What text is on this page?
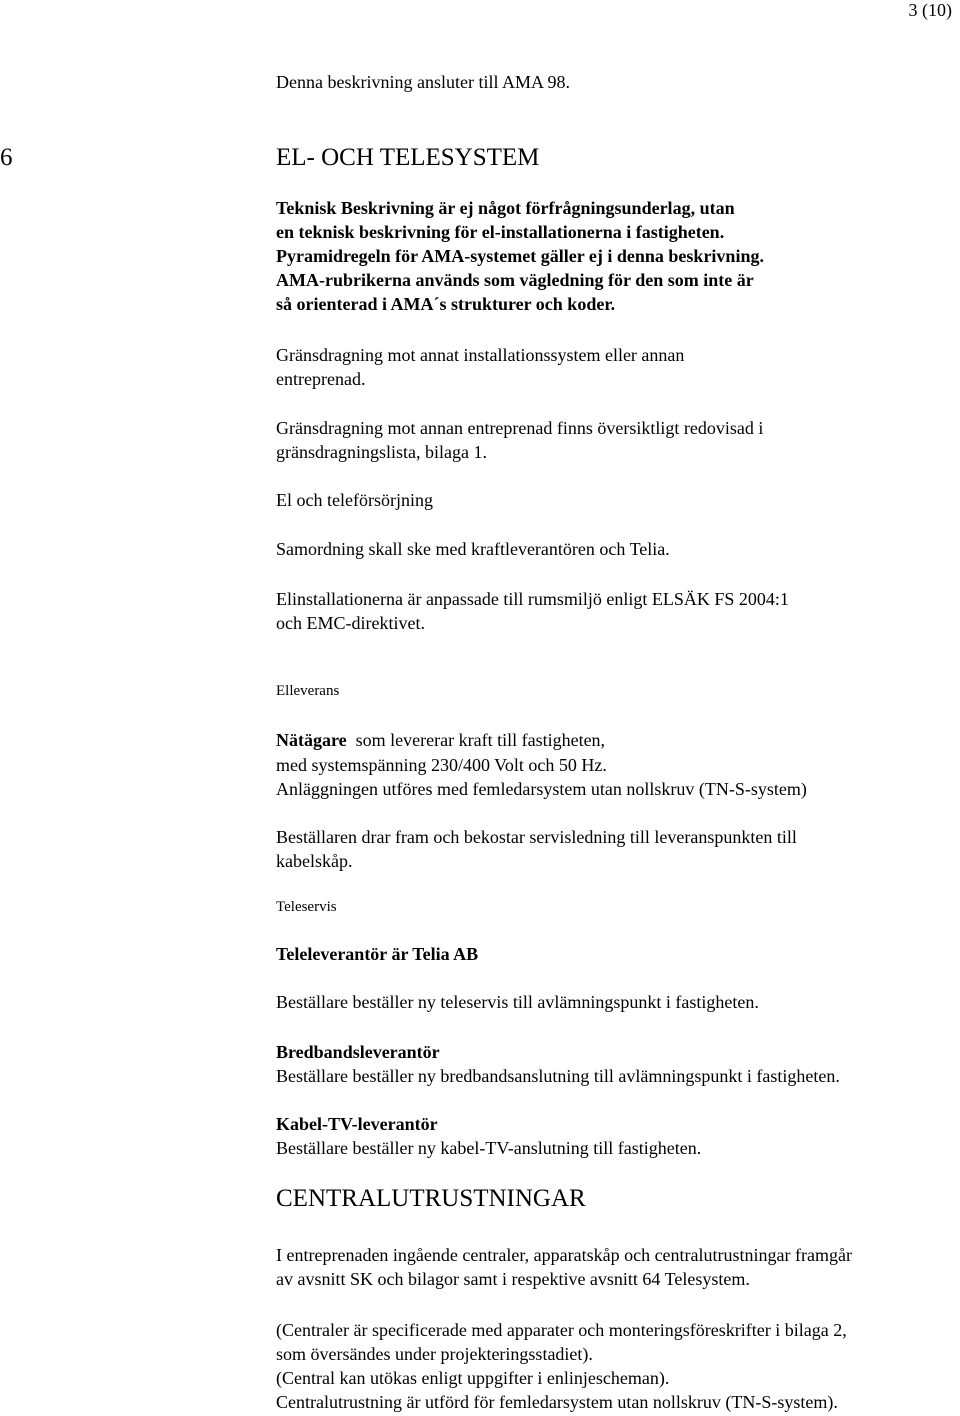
3 (10)

Denna beskrivning ansluter till AMA 98.

6	EL- OCH TELESYSTEM

Teknisk Beskrivning är ej något förfrågningsunderlag, utan

en teknisk beskrivning för el-installationerna i fastigheten.

Pyramidregeln för AMA-systemet gäller ej i denna beskrivning.

AMA-rubrikerna används som vägledning för den som inte är

så orienterad i AMA´s strukturer och koder.

Gränsdragning mot annat installationssystem eller annan

entreprenad.

Gränsdragning mot annan entreprenad finns översiktligt redovisad i

gränsdragningslista, bilaga 1.

El och teleförsörjning

Samordning skall ske med kraftleverantören och Telia.

Elinstallationerna är anpassade till rumsmiljö enligt ELSÄK FS 2004:1

och EMC-direktivet.

Elleverans

Nätägare  som levererar kraft till fastigheten,

med systemspänning 230/400 Volt och 50 Hz.

Anläggningen utföres med femledarsystem utan nollskruv (TN-S-system)

Beställaren drar fram och bekostar servisledning till leveranspunkten till

kabelskåp.

Teleservis

Teleleverantör är Telia AB

Beställare beställer ny teleservis till avlämningspunkt i fastigheten.

Bredbandsleverantör

Beställare beställer ny bredbandsanslutning till avlämningspunkt i fastigheten.

Kabel-TV-leverantör

Beställare beställer ny kabel-TV-anslutning till fastigheten.

CENTRALUTRUSTNINGAR

I entreprenaden ingående centraler, apparatskåp och centralutrustningar framgår

av avsnitt SK och bilagor samt i respektive avsnitt 64 Telesystem.

(Centraler är specificerade med apparater och monteringsföreskrifter i bilaga 2,

som översändes under projekteringsstadiet).

(Central kan utökas enligt uppgifter i enlinjescheman).

Centralutrustning är utförd för femledarsystem utan nollskruv (TN-S-system).
